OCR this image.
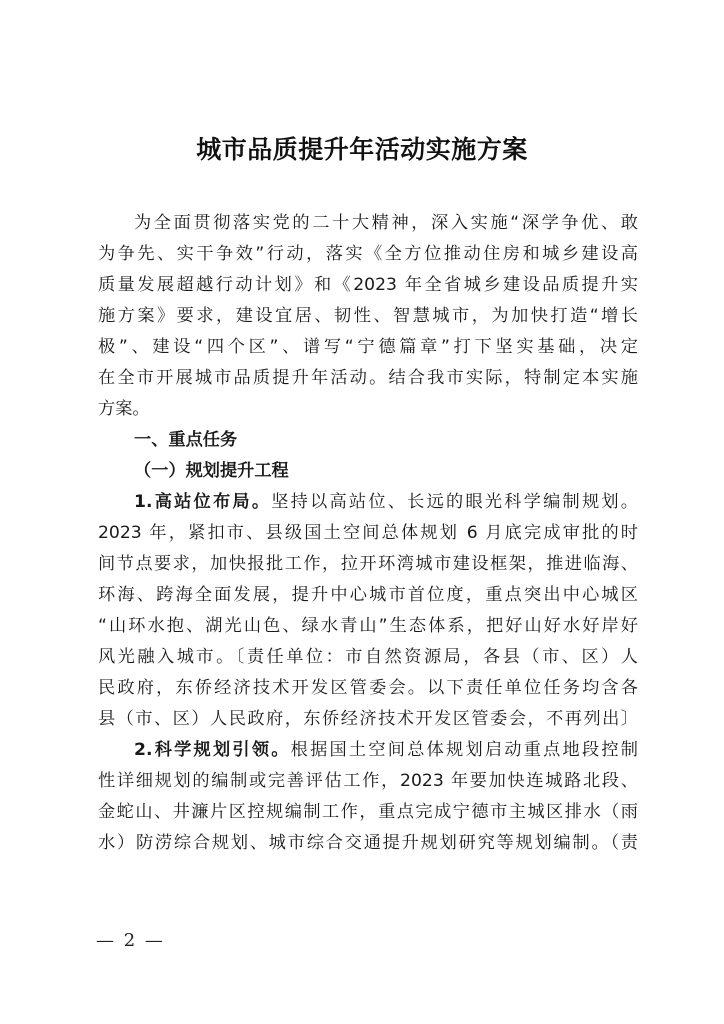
城市品质提升年活动实施方案
为全面贯彻落实党的二十大精神，深入实施“深学争优、敢
为争先、实干争效”行动，落实《全方位推动住房和城乡建设高
质量发展超越行动计划》和《2023 年全省城乡建设品质提升实
施方案》要求，建设宜居、韧性、智慧城市，为加快打造“增长
极”、建设“四个区”、谱写“宁德篇章”打下坚实基础，决定
在全市开展城市品质提升年活动。结合我市实际，特制定本实施
方案。
一、重点任务
（一）规划提升工程
1.高站位布局。坚持以高站位、长远的眼光科学编制规划。
2023 年，紧扣市、县级国土空间总体规划 6 月底完成审批的时
间节点要求，加快报批工作，拉开环湾城市建设框架，推进临海、
环海、跨海全面发展，提升中心城市首位度，重点突出中心城区
“山环水抱、湖光山色、绿水青山”生态体系，把好山好水好岸好
风光融入城市。〔责任单位：市自然资源局，各县（市、区）人
民政府，东侨经济技术开发区管委会。以下责任单位任务均含各
县（市、区）人民政府，东侨经济技术开发区管委会，不再列出〕
2.科学规划引领。根据国土空间总体规划启动重点地段控制
性详细规划的编制或完善评估工作，2023 年要加快连城路北段、
金蛇山、井濂片区控规编制工作，重点完成宁德市主城区排水（雨
水）防涝综合规划、城市综合交通提升规划研究等规划编制。（责
— 2 —
